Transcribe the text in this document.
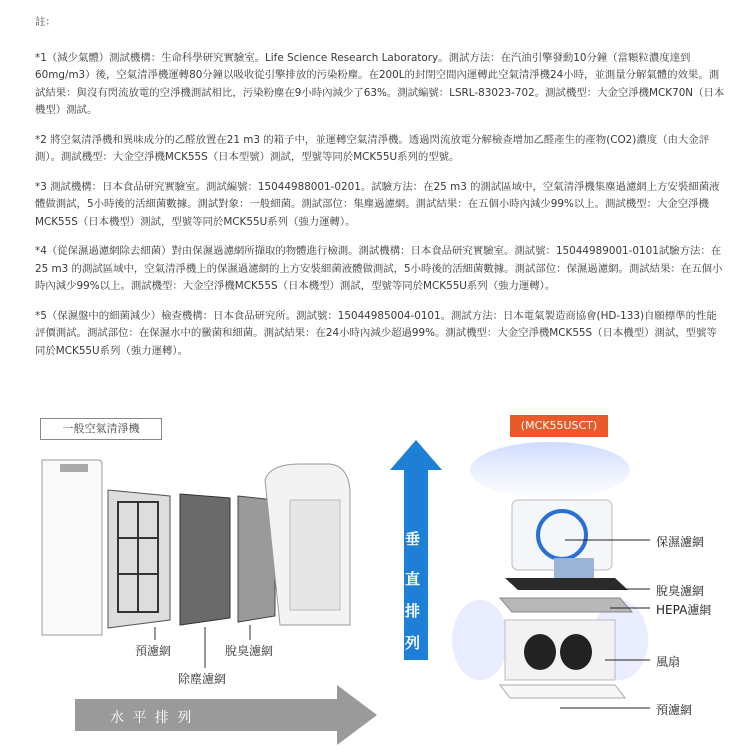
註：

*1（減少氣體）測試機構：生命科學研究實驗室。Life Science Research Laboratory。測試方法：在汽油引擎發動10分鐘（當顆粒濃度達到60mg/m3）後，空氣清淨機運轉80分鐘以吸收從引擎排放的污染粉塵。在200L的封閉空間內運轉此空氣清淨機24小時，並測量分解氣體的效果。測試結果：與沒有閃流放電的空淨機測試相比，污染粉塵在9小時內減少了63%。測試編號：LSRL-83023-702。測試機型：大金空淨機MCK70N（日本機型）測試。

*2 將空氣清淨機和異味成分的乙醛放置在21 m3 的箱子中，並運轉空氣清淨機。透過閃流放電分解檢查增加乙醛產生的產物(CO2)濃度（由大金評測）。測試機型：大金空淨機MCK55S（日本型號）測試，型號等同於MCK55U系列的型號。

*3 測試機構：日本食品研究實驗室。測試編號：15044988001-0201。試驗方法：在25 m3 的測試區域中，空氣清淨機集塵過濾網上方安裝細菌液體做測試，5小時後的活細菌數據。測試對象：一般細菌。測試部位：集塵過濾網。測試結果：在五個小時內減少99%以上。測試機型：大金空淨機MCK55S（日本機型）測試，型號等同於MCK55U系列（強力運轉）。

*4（從保濕過濾網除去細菌）對由保濕過濾網所擷取的物體進行檢測。測試機構：日本食品研究實驗室。測試號：15044989001-0101試驗方法：在25 m3 的測試區域中，空氣清淨機上的保濕過濾網的上方安裝細菌液體做測試，5小時後的活細菌數據。測試部位：保濕過濾網。測試結果：在五個小時內減少99%以上。測試機型：大金空淨機MCK55S（日本機型）測試，型號等同於MCK55U系列（強力運轉）。

*5（保濕盤中的細菌減少）檢查機構：日本食品研究所。測試號：15044985004-0101。測試方法：日本電氣製造商協會(HD-133)自願標準的性能評價測試。測試部位：在保濕水中的黴菌和細菌。測試結果：在24小時內減少超過99%。測試機型：大金空淨機MCK55S（日本機型）測試，型號等同於MCK55U系列（強力運轉）。

一般空氣清淨機	(MCK55USCT)
預濾網	脫臭濾網
除塵濾網
水 平 排 列
垂
直
排
列
保濕濾網
脫臭濾網
HEPA濾網
風扇
預濾網
